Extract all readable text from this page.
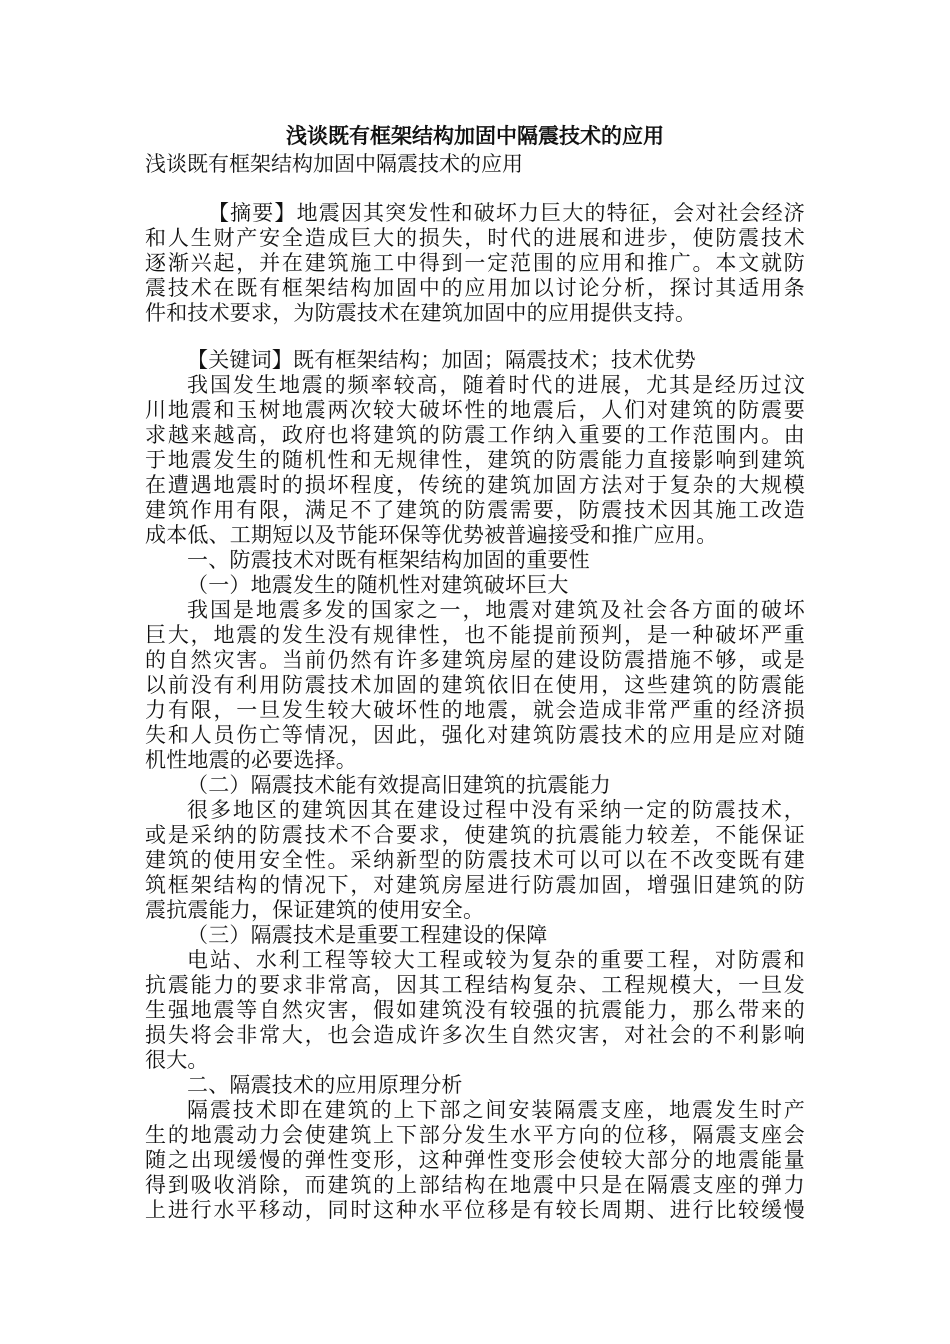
浅谈既有框架结构加固中隔震技术的应用
浅谈既有框架结构加固中隔震技术的应用
【摘要】地震因其突发性和破坏力巨大的特征，会对社会经济
和人生财产安全造成巨大的损失，时代的进展和进步，使防震技术
逐渐兴起，并在建筑施工中得到一定范围的应用和推广。本文就防
震技术在既有框架结构加固中的应用加以讨论分析，探讨其适用条
件和技术要求，为防震技术在建筑加固中的应用提供支持。
【关键词】既有框架结构；加固；隔震技术；技术优势
我国发生地震的频率较高，随着时代的进展，尤其是经历过汶
川地震和玉树地震两次较大破坏性的地震后，人们对建筑的防震要
求越来越高，政府也将建筑的防震工作纳入重要的工作范围内。由
于地震发生的随机性和无规律性，建筑的防震能力直接影响到建筑
在遭遇地震时的损坏程度，传统的建筑加固方法对于复杂的大规模
建筑作用有限，满足不了建筑的防震需要，防震技术因其施工改造
成本低、工期短以及节能环保等优势被普遍接受和推广应用。
一、防震技术对既有框架结构加固的重要性
（一）地震发生的随机性对建筑破坏巨大
我国是地震多发的国家之一，地震对建筑及社会各方面的破坏
巨大，地震的发生没有规律性，也不能提前预判，是一种破坏严重
的自然灾害。当前仍然有许多建筑房屋的建设防震措施不够，或是
以前没有利用防震技术加固的建筑依旧在使用，这些建筑的防震能
力有限，一旦发生较大破坏性的地震，就会造成非常严重的经济损
失和人员伤亡等情况，因此，强化对建筑防震技术的应用是应对随
机性地震的必要选择。
（二）隔震技术能有效提高旧建筑的抗震能力
很多地区的建筑因其在建设过程中没有采纳一定的防震技术，
或是采纳的防震技术不合要求，使建筑的抗震能力较差，不能保证
建筑的使用安全性。采纳新型的防震技术可以可以在不改变既有建
筑框架结构的情况下，对建筑房屋进行防震加固，增强旧建筑的防
震抗震能力，保证建筑的使用安全。
（三）隔震技术是重要工程建设的保障
电站、水利工程等较大工程或较为复杂的重要工程，对防震和
抗震能力的要求非常高，因其工程结构复杂、工程规模大，一旦发
生强地震等自然灾害，假如建筑没有较强的抗震能力，那么带来的
损失将会非常大，也会造成许多次生自然灾害，对社会的不利影响
很大。
二、隔震技术的应用原理分析
隔震技术即在建筑的上下部之间安装隔震支座，地震发生时产
生的地震动力会使建筑上下部分发生水平方向的位移，隔震支座会
随之出现缓慢的弹性变形，这种弹性变形会使较大部分的地震能量
得到吸收消除，而建筑的上部结构在地震中只是在隔震支座的弹力
上进行水平移动，同时这种水平位移是有较长周期、进行比较缓慢
